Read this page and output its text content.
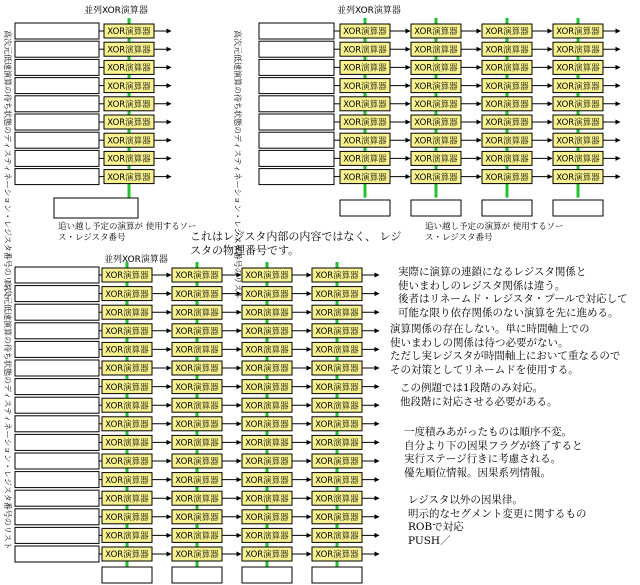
並列XOR演算器
高次元低速演算の待ち状態のディスティネーション・レジスタ番号のリスト	XOR演算器
XOR演算器
XOR演算器
XOR演算器
XOR演算器
XOR演算器
XOR演算器
XOR演算器
XOR演算器
並列XOR演算器
高次元低速演算の待ち状態のディスティネーション・レジスタ番号のリスト	XOR演算器	XOR演算器	XOR演算器	XOR演算器
XOR演算器	XOR演算器	XOR演算器	XOR演算器
XOR演算器	XOR演算器	XOR演算器	XOR演算器
XOR演算器	XOR演算器	XOR演算器	XOR演算器
XOR演算器	XOR演算器	XOR演算器	XOR演算器
XOR演算器	XOR演算器	XOR演算器	XOR演算器
XOR演算器	XOR演算器	XOR演算器	XOR演算器
XOR演算器	XOR演算器	XOR演算器	XOR演算器
XOR演算器	XOR演算器	XOR演算器	XOR演算器
並列XOR演算器
高次元低速演算の待ち状態のディスティネーション・レジスタ番号のリスト
XOR演算器	XOR演算器	XOR演算器	XOR演算器
XOR演算器	XOR演算器	XOR演算器	XOR演算器
XOR演算器	XOR演算器	XOR演算器	XOR演算器
XOR演算器	XOR演算器	XOR演算器	XOR演算器
XOR演算器	XOR演算器	XOR演算器	XOR演算器
XOR演算器	XOR演算器	XOR演算器	XOR演算器
XOR演算器	XOR演算器	XOR演算器	XOR演算器
XOR演算器	XOR演算器	XOR演算器	XOR演算器
XOR演算器	XOR演算器	XOR演算器	XOR演算器
XOR演算器	XOR演算器	XOR演算器	XOR演算器
XOR演算器	XOR演算器	XOR演算器	XOR演算器
XOR演算器	XOR演算器	XOR演算器	XOR演算器
XOR演算器	XOR演算器	XOR演算器	XOR演算器
XOR演算器	XOR演算器	XOR演算器	XOR演算器
XOR演算器	XOR演算器	XOR演算器	XOR演算器
XOR演算器	XOR演算器	XOR演算器	XOR演算器
追い越し予定の演算が 使用するソース・レジスタ番号
追い越し予定の演算が 使用するソース・レジスタ番号
これはレジスタ内部の内容ではなく、 レジスタの物理番号です。

実際に演算の連鎖になるレジスタ関係と

使いまわしのレジスタ関係は違う。

後者はリネームド・レジスタ・プールで対応して

可能な限り依存関係のない演算を先に進める。

演算関係の存在しない。単に時間軸上での

使いまわしの関係は待つ必要がない。

ただし実レジスタが時間軸上において重なるので

その対策としてリネームドを使用する。

この例題では1段階のみ対応。

他段階に対応させる必要がある。

一度積みあがったものは順序不変。

自分より下の因果フラグが終了すると

実行ステージ行きに考慮される。

優先順位情報。因果系列情報。

レジスタ以外の因果律。

明示的なセグメント変更に関するもの

ROBで対応

PUSH／
